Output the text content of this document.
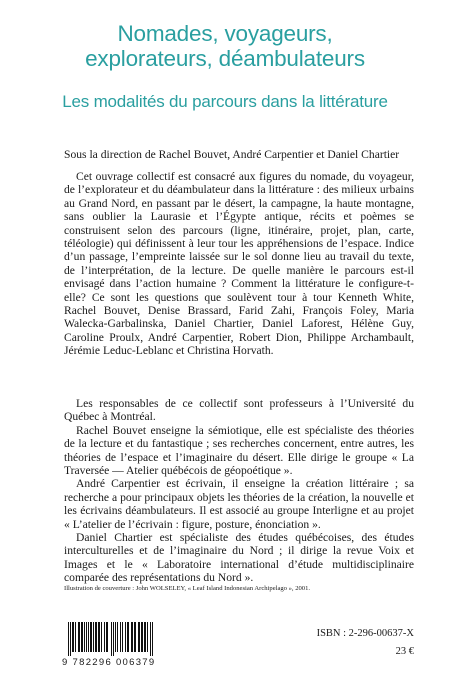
Nomades, voyageurs,
explorateurs, déambulateurs
Les modalités du parcours dans la littérature
Sous la direction de Rachel Bouvet, André Carpentier et Daniel Chartier

Cet ouvrage collectif est consacré aux figures du nomade, du voyageur, de l’explorateur et du déambulateur dans la littérature : des milieux urbains au Grand Nord, en passant par le désert, la campagne, la haute montagne, sans oublier la Laurasie et l’Égypte antique, récits et poèmes se construisent selon des parcours (ligne, itinéraire, projet, plan, carte, téléologie) qui définissent à leur tour les appréhensions de l’espace. Indice d’un passage, l’empreinte laissée sur le sol donne lieu au travail du texte, de l’interprétation, de la lecture. De quelle manière le parcours est-il envisagé dans l’action humaine ? Comment la littérature le configure-t-elle? Ce sont les questions que soulèvent tour à tour Kenneth White, Rachel Bouvet, Denise Brassard, Farid Zahi, François Foley, Maria Walecka-Garbalinska, Daniel Chartier, Daniel Laforest, Hélène Guy, Caroline Proulx, André Carpentier, Robert Dion, Philippe Archambault, Jérémie Leduc-Leblanc et Christina Horvath.

Les responsables de ce collectif sont professeurs à l’Université du Québec à Montréal.

Rachel Bouvet enseigne la sémiotique, elle est spécialiste des théories de la lecture et du fantastique ; ses recherches concernent, entre autres, les théories de l’espace et l’imaginaire du désert. Elle dirige le groupe « La Traversée — Atelier québécois de géopoétique ».

André Carpentier est écrivain, il enseigne la création littéraire ; sa recherche a pour principaux objets les théories de la création, la nouvelle et les écrivains déambulateurs. Il est associé au groupe Interligne et au projet « L’atelier de l’écrivain : figure, posture, énonciation ».

Daniel Chartier est spécialiste des études québécoises, des études interculturelles et de l’imaginaire du Nord ; il dirige la revue Voix et Images et le « Laboratoire international d’étude multidisciplinaire comparée des représentations du Nord ».

Illustration de couverture : John WOLSELEY, « Leaf Island Indonesian Archipelago », 2001.
9 782296 006379
ISBN : 2-296-00637-X
23 €
